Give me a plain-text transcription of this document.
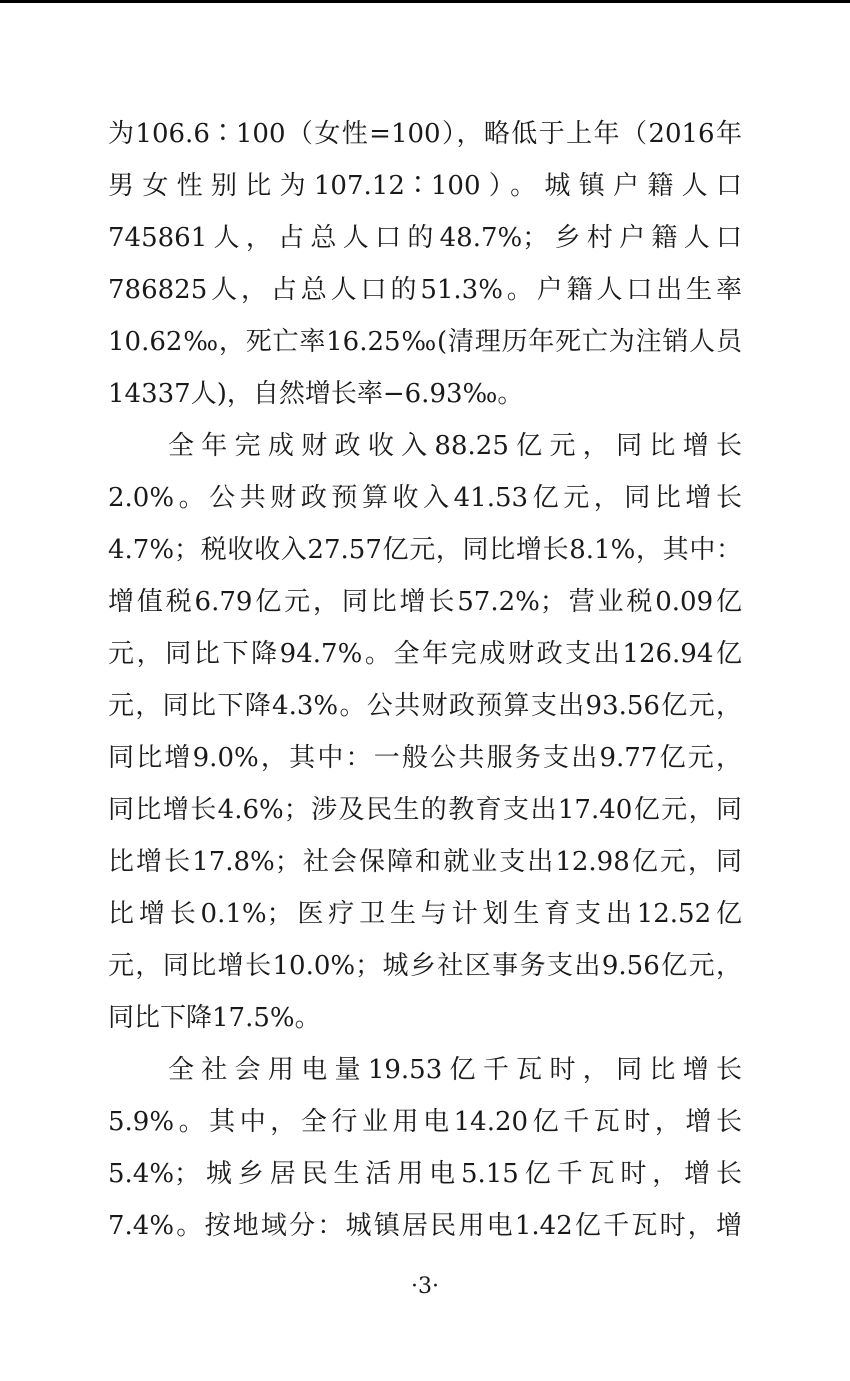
为106.6∶100（女性=100），略低于上年（2016年
男女性别比为107.12∶100）。城镇户籍人口
745861人，占总人口的48.7%；乡村户籍人口
786825人，占总人口的51.3%。户籍人口出生率
10.62‰，死亡率16.25‰(清理历年死亡为注销人员
14337人)，自然增长率−6.93‰。
全年完成财政收入88.25亿元，同比增长
2.0%。公共财政预算收入41.53亿元，同比增长
4.7%；税收收入27.57亿元，同比增长8.1%，其中：
增值税6.79亿元，同比增长57.2%；营业税0.09亿
元，同比下降94.7%。全年完成财政支出126.94亿
元，同比下降4.3%。公共财政预算支出93.56亿元，
同比增9.0%，其中：一般公共服务支出9.77亿元，
同比增长4.6%；涉及民生的教育支出17.40亿元，同
比增长17.8%；社会保障和就业支出12.98亿元，同
比增长0.1%；医疗卫生与计划生育支出12.52亿
元，同比增长10.0%；城乡社区事务支出9.56亿元，
同比下降17.5%。
全社会用电量19.53亿千瓦时，同比增长
5.9%。其中，全行业用电14.20亿千瓦时，增长
5.4%；城乡居民生活用电5.15亿千瓦时，增长
7.4%。按地域分：城镇居民用电1.42亿千瓦时，增
·3·
